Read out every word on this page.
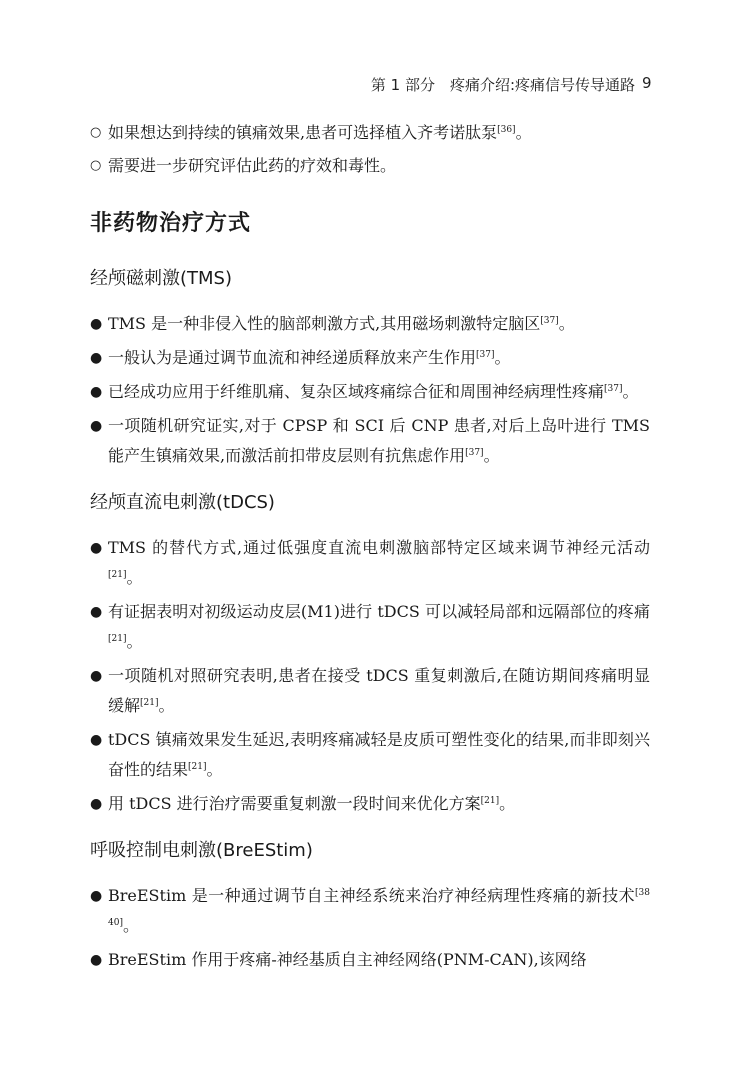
第 1 部分　疼痛介绍:疼痛信号传导通路 9
○ 如果想达到持续的镇痛效果,患者可选择植入齐考诺肽泵[36]。
○ 需要进一步研究评估此药的疗效和毒性。
非药物治疗方式
经颅磁刺激(TMS)
● TMS 是一种非侵入性的脑部刺激方式,其用磁场刺激特定脑区[37]。
● 一般认为是通过调节血流和神经递质释放来产生作用[37]。
● 已经成功应用于纤维肌痛、复杂区域疼痛综合征和周围神经病理性疼痛[37]。
● 一项随机研究证实,对于 CPSP 和 SCI 后 CNP 患者,对后上岛叶进行 TMS 能产生镇痛效果,而激活前扣带皮层则有抗焦虑作用[37]。
经颅直流电刺激(tDCS)
● TMS 的替代方式,通过低强度直流电刺激脑部特定区域来调节神经元活动[21]。
● 有证据表明对初级运动皮层(M1)进行 tDCS 可以减轻局部和远隔部位的疼痛[21]。
● 一项随机对照研究表明,患者在接受 tDCS 重复刺激后,在随访期间疼痛明显缓解[21]。
● tDCS 镇痛效果发生延迟,表明疼痛减轻是皮质可塑性变化的结果,而非即刻兴奋性的结果[21]。
● 用 tDCS 进行治疗需要重复刺激一段时间来优化方案[21]。
呼吸控制电刺激(BreEStim)
● BreEStim 是一种通过调节自主神经系统来治疗神经病理性疼痛的新技术[38 40]。
● BreEStim 作用于疼痛-神经基质自主神经网络(PNM-CAN),该网络
